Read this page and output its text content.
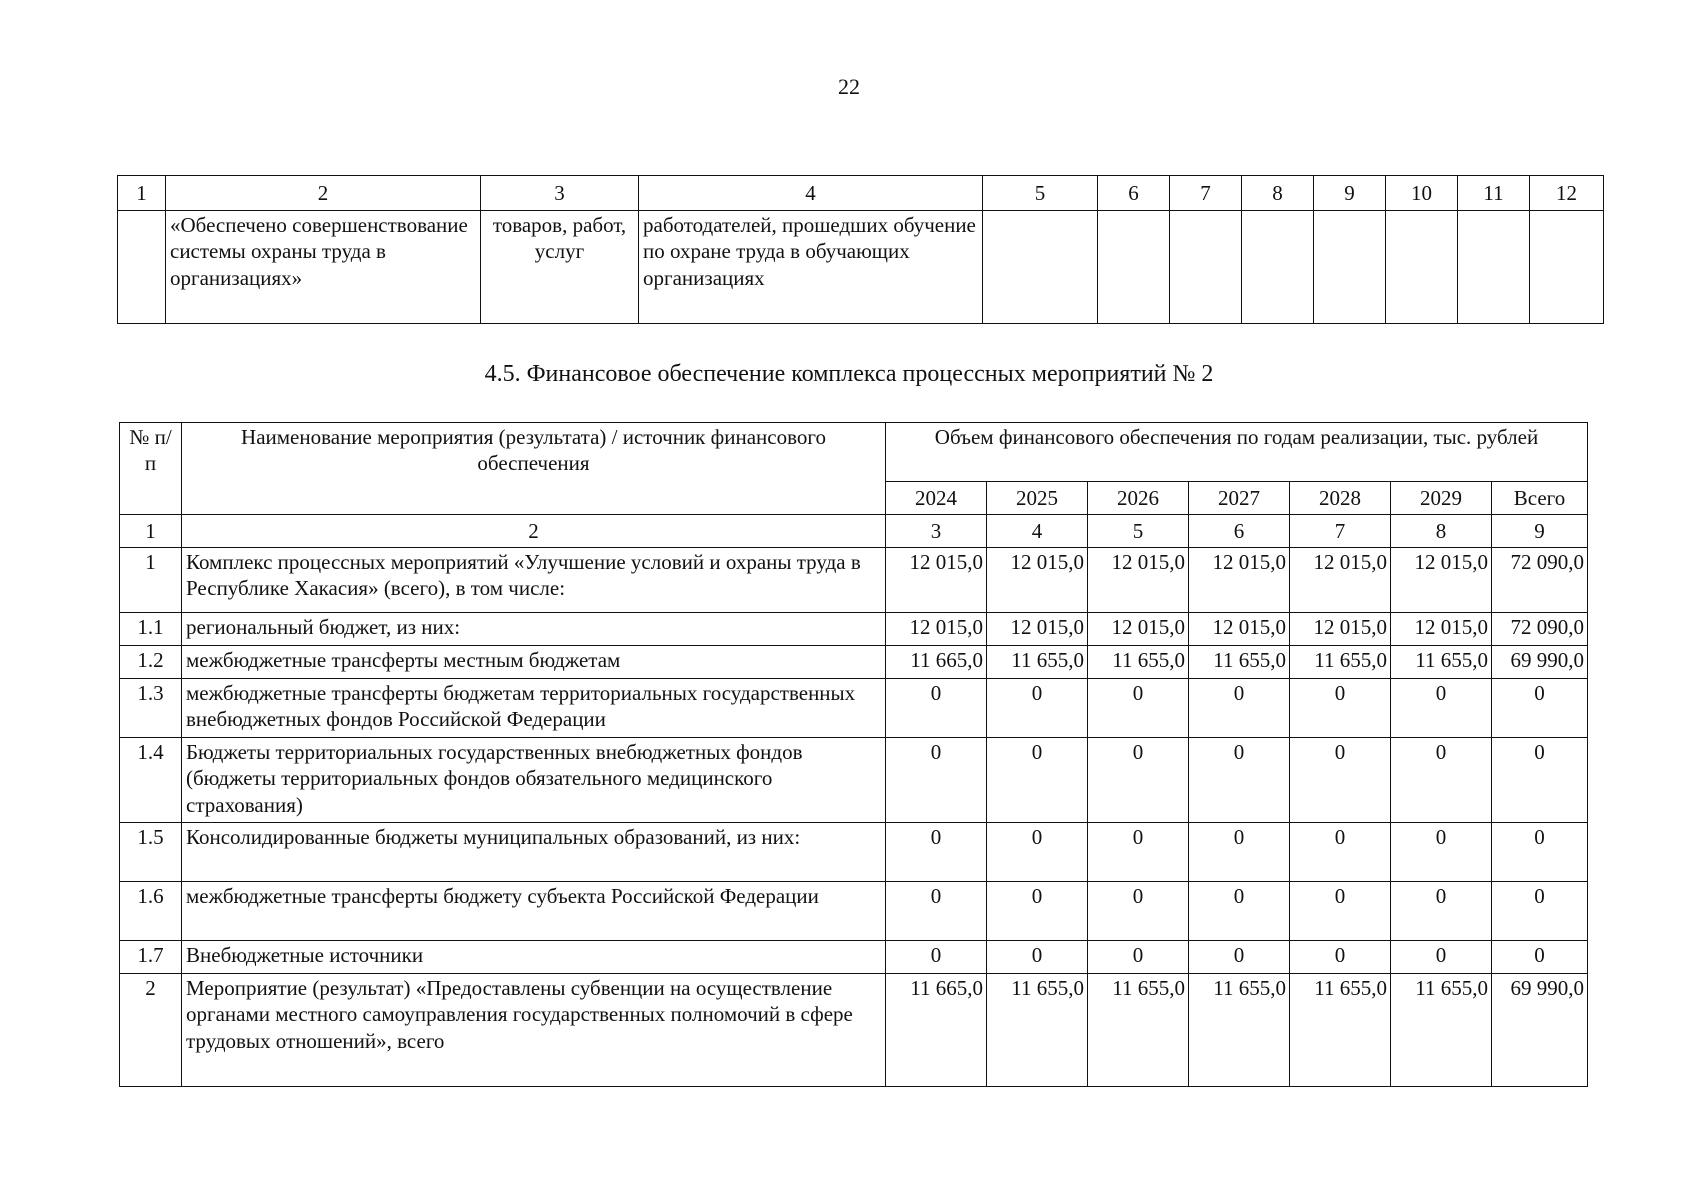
22
1	2	3	4	5	6	7	8	9	10	11	12
	«Обеспечено совершенствование системы охраны труда в организациях»	товаров, работ, услуг	работодателей, прошедших обучение по охране труда в обучающих организациях								
4.5. Финансовое обеспечение комплекса процессных мероприятий № 2
№ п/п	Наименование мероприятия (результата) / источник финансового обеспечения	Объем финансового обеспечения по годам реализации, тыс. рублей						
		2024	2025	2026	2027	2028	2029	Всего
1	2	3	4	5	6	7	8	9
1	Комплекс процессных мероприятий «Улучшение условий и охраны труда в Республике Хакасия» (всего), в том числе:	12 015,0	12 015,0	12 015,0	12 015,0	12 015,0	12 015,0	72 090,0
1.1	региональный бюджет, из них:	12 015,0	12 015,0	12 015,0	12 015,0	12 015,0	12 015,0	72 090,0
1.2	межбюджетные трансферты местным бюджетам	11 665,0	11 655,0	11 655,0	11 655,0	11 655,0	11 655,0	69 990,0
1.3	межбюджетные трансферты бюджетам территориальных государственных внебюджетных фондов Российской Федерации	0	0	0	0	0	0	0
1.4	Бюджеты территориальных государственных внебюджетных фондов (бюджеты территориальных фондов обязательного медицинского страхования)	0	0	0	0	0	0	0
1.5	Консолидированные бюджеты муниципальных образований, из них:	0	0	0	0	0	0	0
1.6	межбюджетные трансферты бюджету субъекта Российской Федерации	0	0	0	0	0	0	0
1.7	Внебюджетные источники	0	0	0	0	0	0	0
2	Мероприятие (результат) «Предоставлены субвенции на осуществление органами местного самоуправления государственных полномочий в сфере трудовых отношений», всего	11 665,0	11 655,0	11 655,0	11 655,0	11 655,0	11 655,0	69 990,0
